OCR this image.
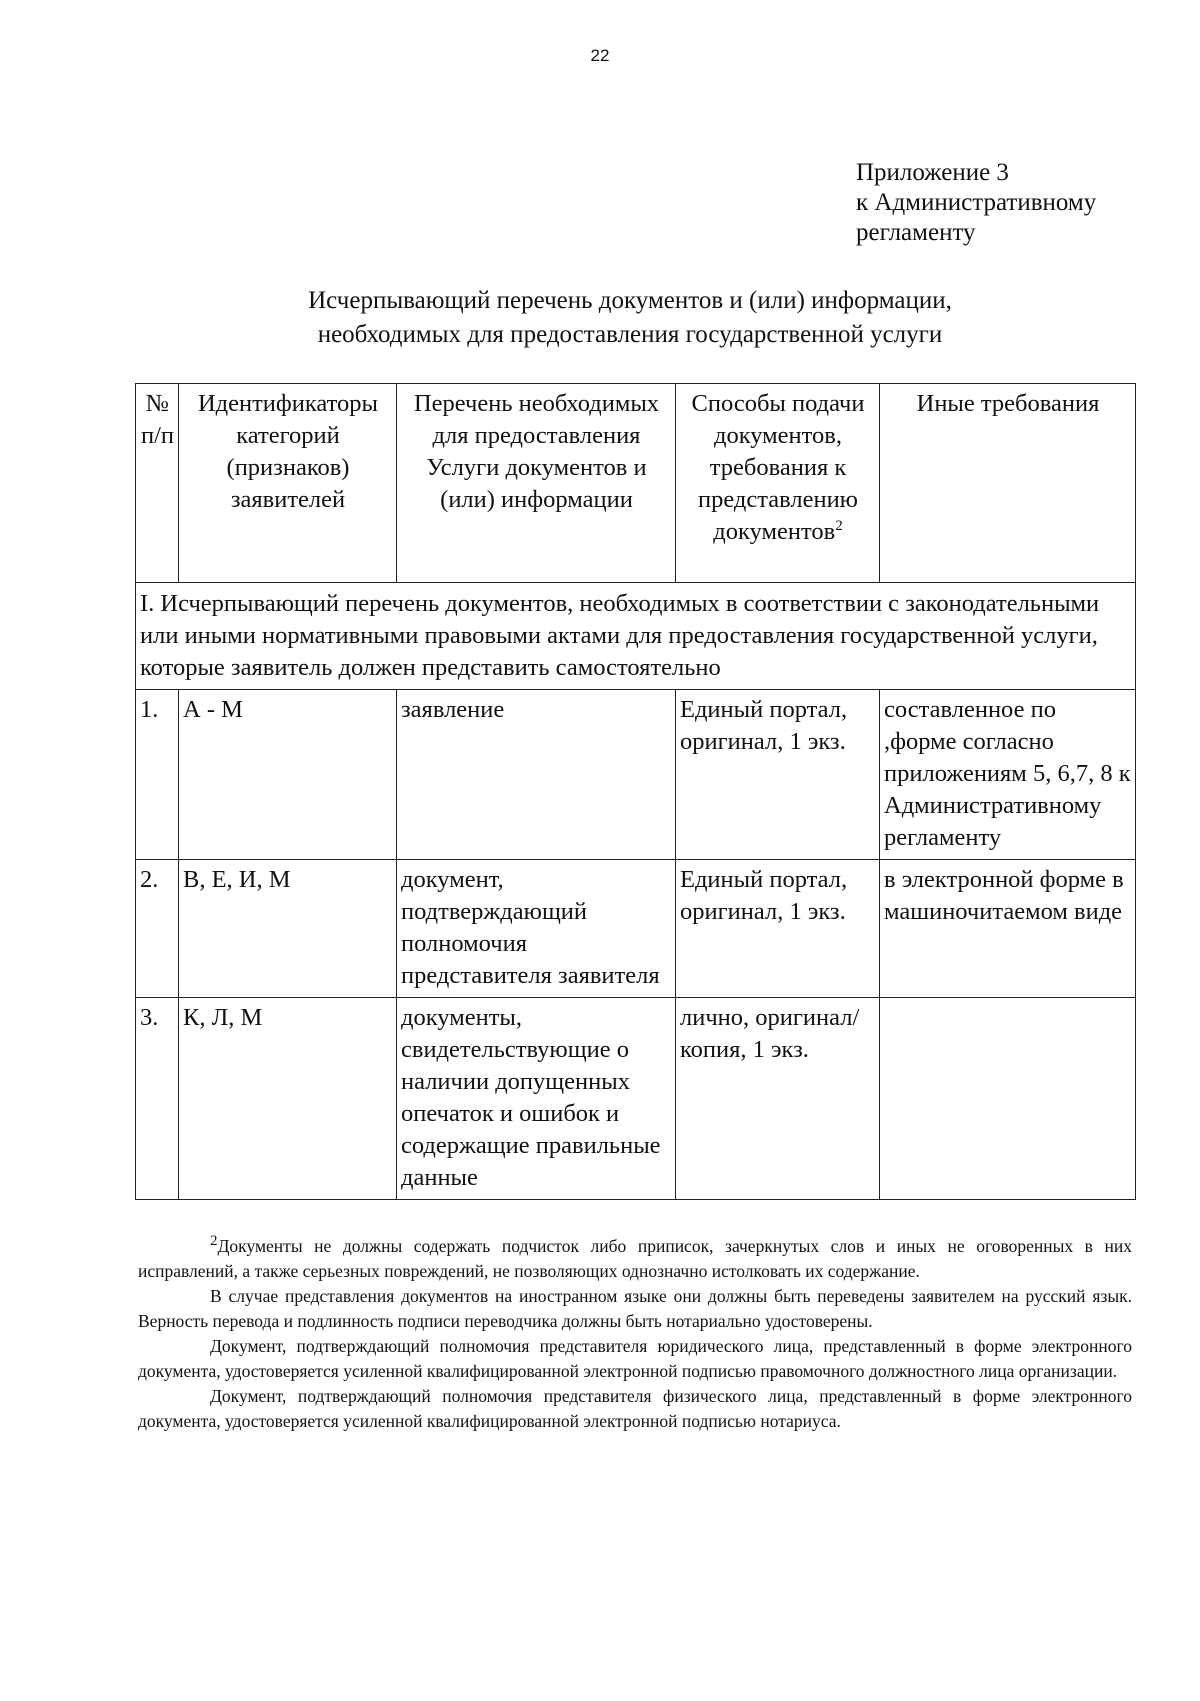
22
Приложение 3
к Административному
регламенту
Исчерпывающий перечень документов и (или) информации,
необходимых для предоставления государственной услуги
№ п/п	Идентификаторы категорий (признаков) заявителей	Перечень необходимых для предоставления Услуги документов и (или) информации	Способы подачи документов, требования к представлению документов$^2$	Иные требования
I. Исчерпывающий перечень документов, необходимых в соответствии с законодательными или иными нормативными правовыми актами для предоставления государственной услуги, которые заявитель должен представить самостоятельно				
1.	А - М	заявление	Единый портал, оригинал, 1 экз.	составленное по ,форме согласно приложениям 5, 6,7, 8 к Административному регламенту
2.	В, Е, И, М	документ, подтверждающий полномочия представителя заявителя	Единый портал, оригинал, 1 экз.	в электронной форме в машиночитаемом виде
3.	К, Л, М	документы, свидетельствующие о наличии допущенных опечаток и ошибок и содержащие правильные данные	лично, оригинал/копия, 1 экз.	

$^2$Документы не должны содержать подчисток либо приписок, зачеркнутых слов и иных не оговоренных в них исправлений, а также серьезных повреждений, не позволяющих однозначно истолковать их содержание.

В случае представления документов на иностранном языке они должны быть переведены заявителем на русский язык. Верность перевода и подлинность подписи переводчика должны быть нотариально удостоверены.

Документ, подтверждающий полномочия представителя юридического лица, представленный в форме электронного документа, удостоверяется усиленной квалифицированной электронной подписью правомочного должностного лица организации.

Документ, подтверждающий полномочия представителя физического лица, представленный в форме электронного документа, удостоверяется усиленной квалифицированной электронной подписью нотариуса.
